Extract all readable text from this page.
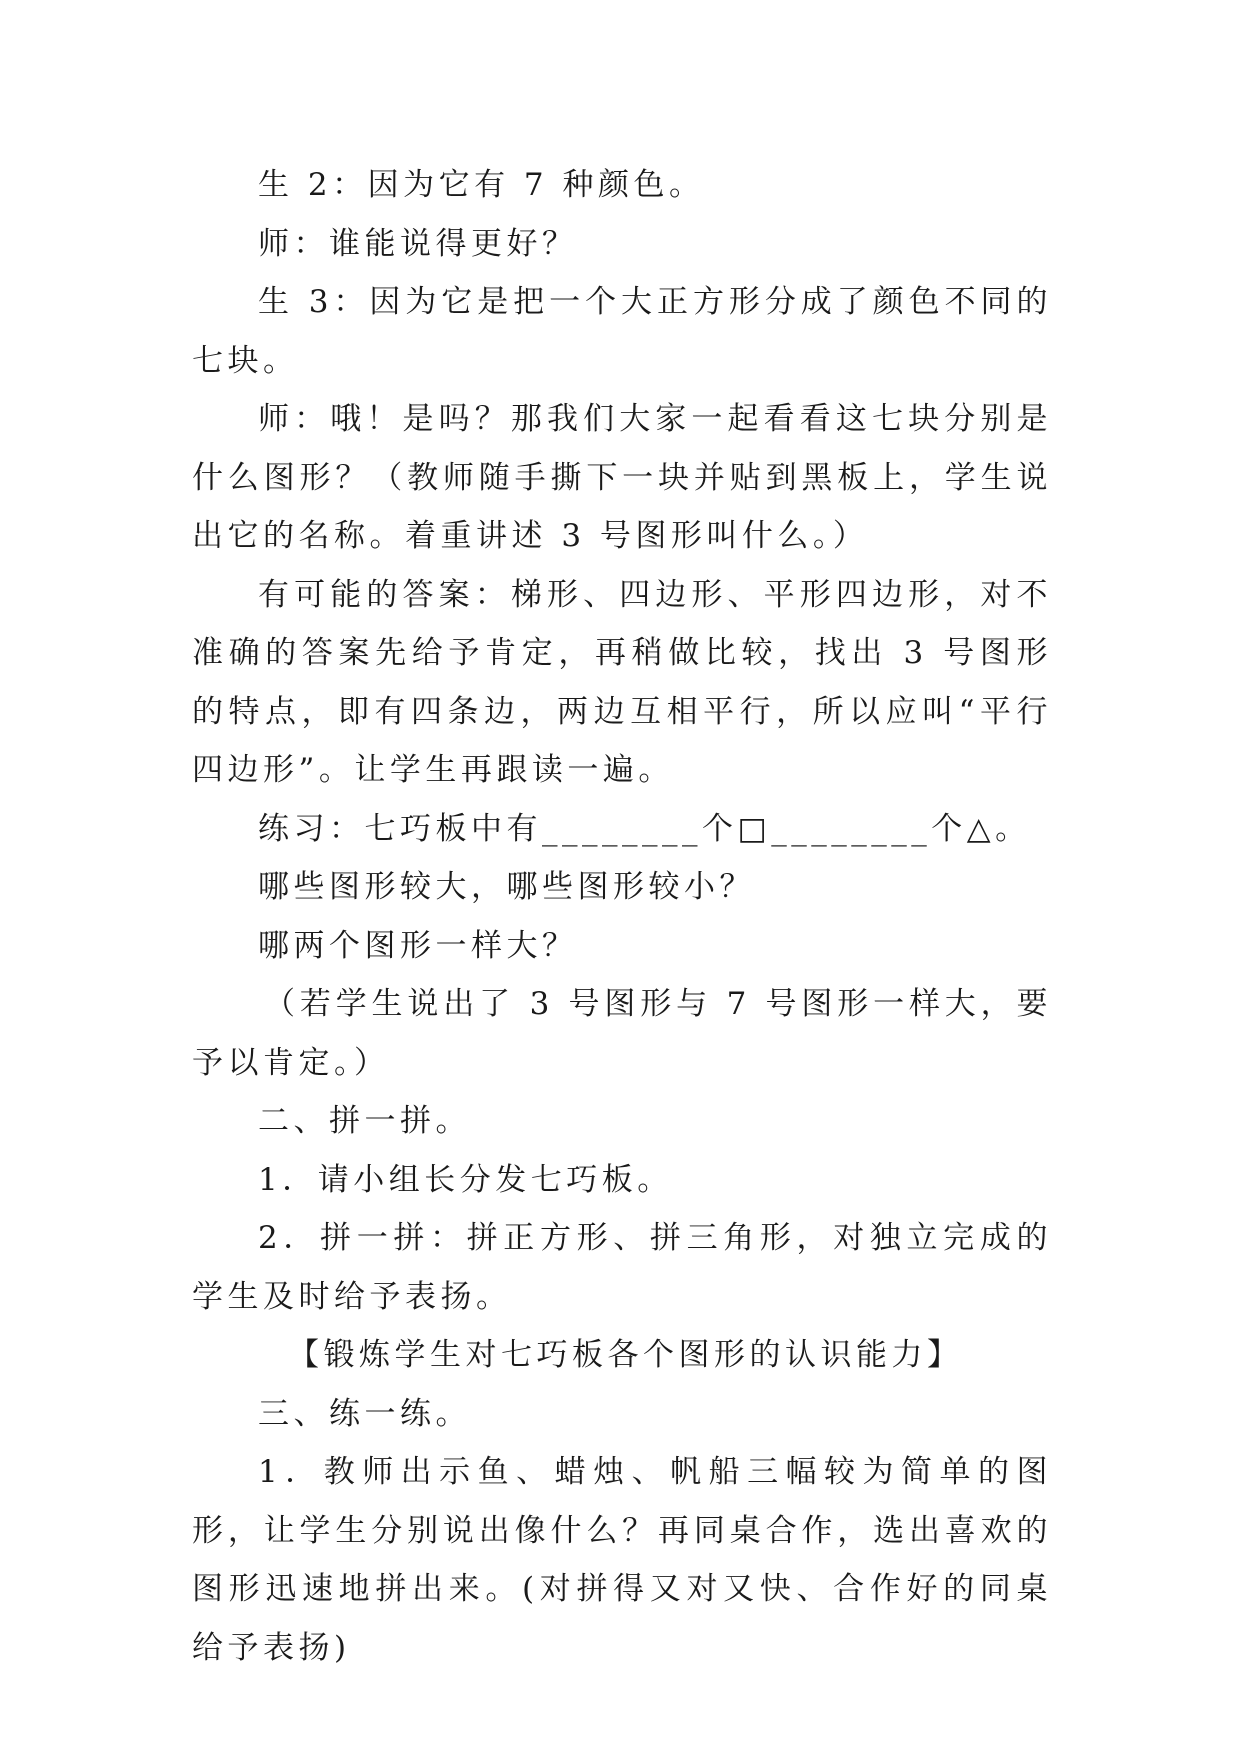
生 2：因为它有 7 种颜色。

师：谁能说得更好？

生 3：因为它是把一个大正方形分成了颜色不同的七块。

师：哦！是吗？那我们大家一起看看这七块分别是什么图形？（教师随手撕下一块并贴到黑板上，学生说出它的名称。着重讲述 3 号图形叫什么。）

有可能的答案：梯形、四边形、平形四边形，对不准确的答案先给予肯定，再稍做比较，找出 3 号图形的特点，即有四条边，两边互相平行，所以应叫“平行四边形”。让学生再跟读一遍。

练习：七巧板中有________个□________个△。

哪些图形较大，哪些图形较小？

哪两个图形一样大？

（若学生说出了 3 号图形与 7 号图形一样大，要予以肯定。）

二、拼一拼。

1．请小组长分发七巧板。

2．拼一拼：拼正方形、拼三角形，对独立完成的学生及时给予表扬。

【锻炼学生对七巧板各个图形的认识能力】

三、练一练。

1．教师出示鱼、蜡烛、帆船三幅较为简单的图形，让学生分别说出像什么？再同桌合作，选出喜欢的图形迅速地拼出来。(对拼得又对又快、合作好的同桌给予表扬)
